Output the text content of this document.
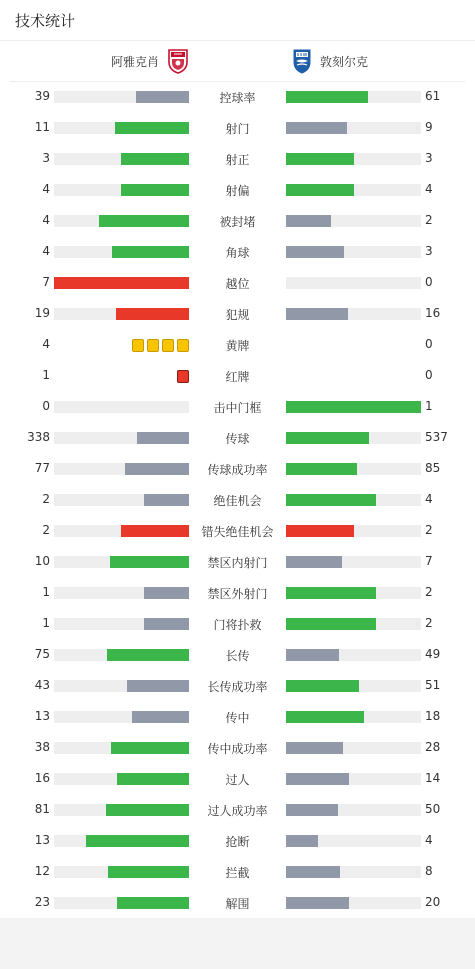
技术统计
阿雅克肖	敦刻尔克
39	控球率	61
11	射门	9
3	射正	3
4	射偏	4
4	被封堵	2
4	角球	3
7	越位	0
19	犯规	16
4	黄牌	0
1	红牌	0
0	击中门框	1
338	传球	537
77	传球成功率	85
2	绝佳机会	4
2	错失绝佳机会	2
10	禁区内射门	7
1	禁区外射门	2
1	门将扑救	2
75	长传	49
43	长传成功率	51
13	传中	18
38	传中成功率	28
16	过人	14
81	过人成功率	50
13	抢断	4
12	拦截	8
23	解围	20
